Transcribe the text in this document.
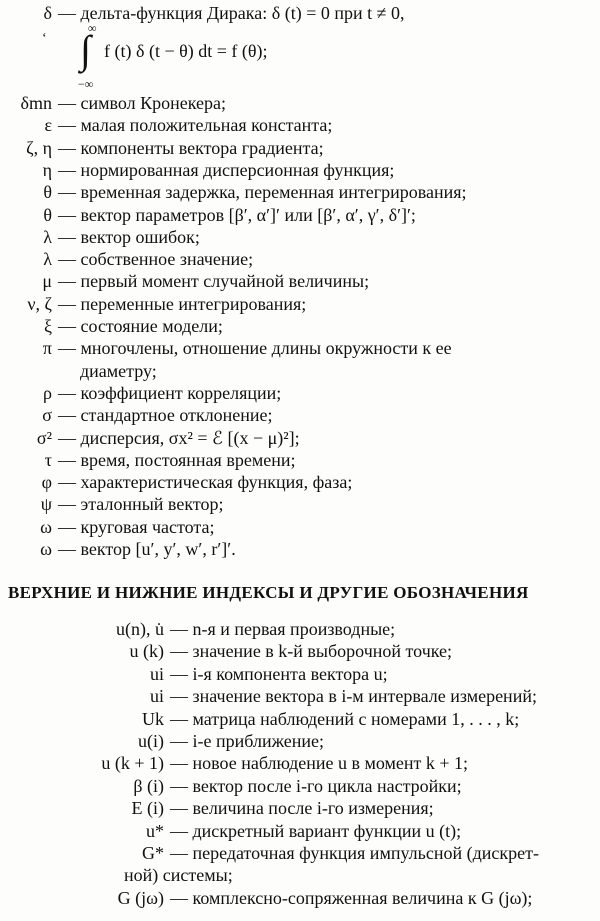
δ — дельта-функция Дирака: δ (t) = 0 при t ≠ 0,
‘
∞
∫
−∞
f (t) δ (t − θ) dt = f (θ);
δmn — символ Кронекера;
ε — малая положительная константа;
ζ, η — компоненты вектора градиента;
η — нормированная дисперсионная функция;
θ — временная задержка, переменная интегрирования;
θ — вектор параметров [β′, α′]′ или [β′, α′, γ′, δ′]′;
λ — вектор ошибок;
λ — собственное значение;
μ — первый момент случайной величины;
ν, ζ — переменные интегрирования;
ξ — состояние модели;
π — многочлены, отношение длины окружности к ее
диаметру;
ρ — коэффициент корреляции;
σ — стандартное отклонение;
σ² — дисперсия, σx² = ℰ [(x − μ)²];
τ — время, постоянная времени;
φ — характеристическая функция, фаза;
ψ — эталонный вектор;
ω — круговая частота;
ω — вектор [u′, y′, w′, r′]′.
ВЕРХНИЕ И НИЖНИЕ ИНДЕКСЫ И ДРУГИЕ ОБОЗНАЧЕНИЯ
u(n), u̇ — n-я и первая производные;
u (k) — значение в k-й выборочной точке;
ui — i-я компонента вектора u;
ui — значение вектора в i-м интервале измерений;
Uk — матрица наблюдений с номерами 1, . . . , k;
u(i) — i-е приближение;
u (k + 1) — новое наблюдение u в момент k + 1;
β (i) — вектор после i-го цикла настройки;
E (i) — величина после i-го измерения;
u* — дискретный вариант функции u (t);
G* — передаточная функция импульсной (дискрет-
ной) системы;
G (jω) — комплексно-сопряженная величина к G (jω);
